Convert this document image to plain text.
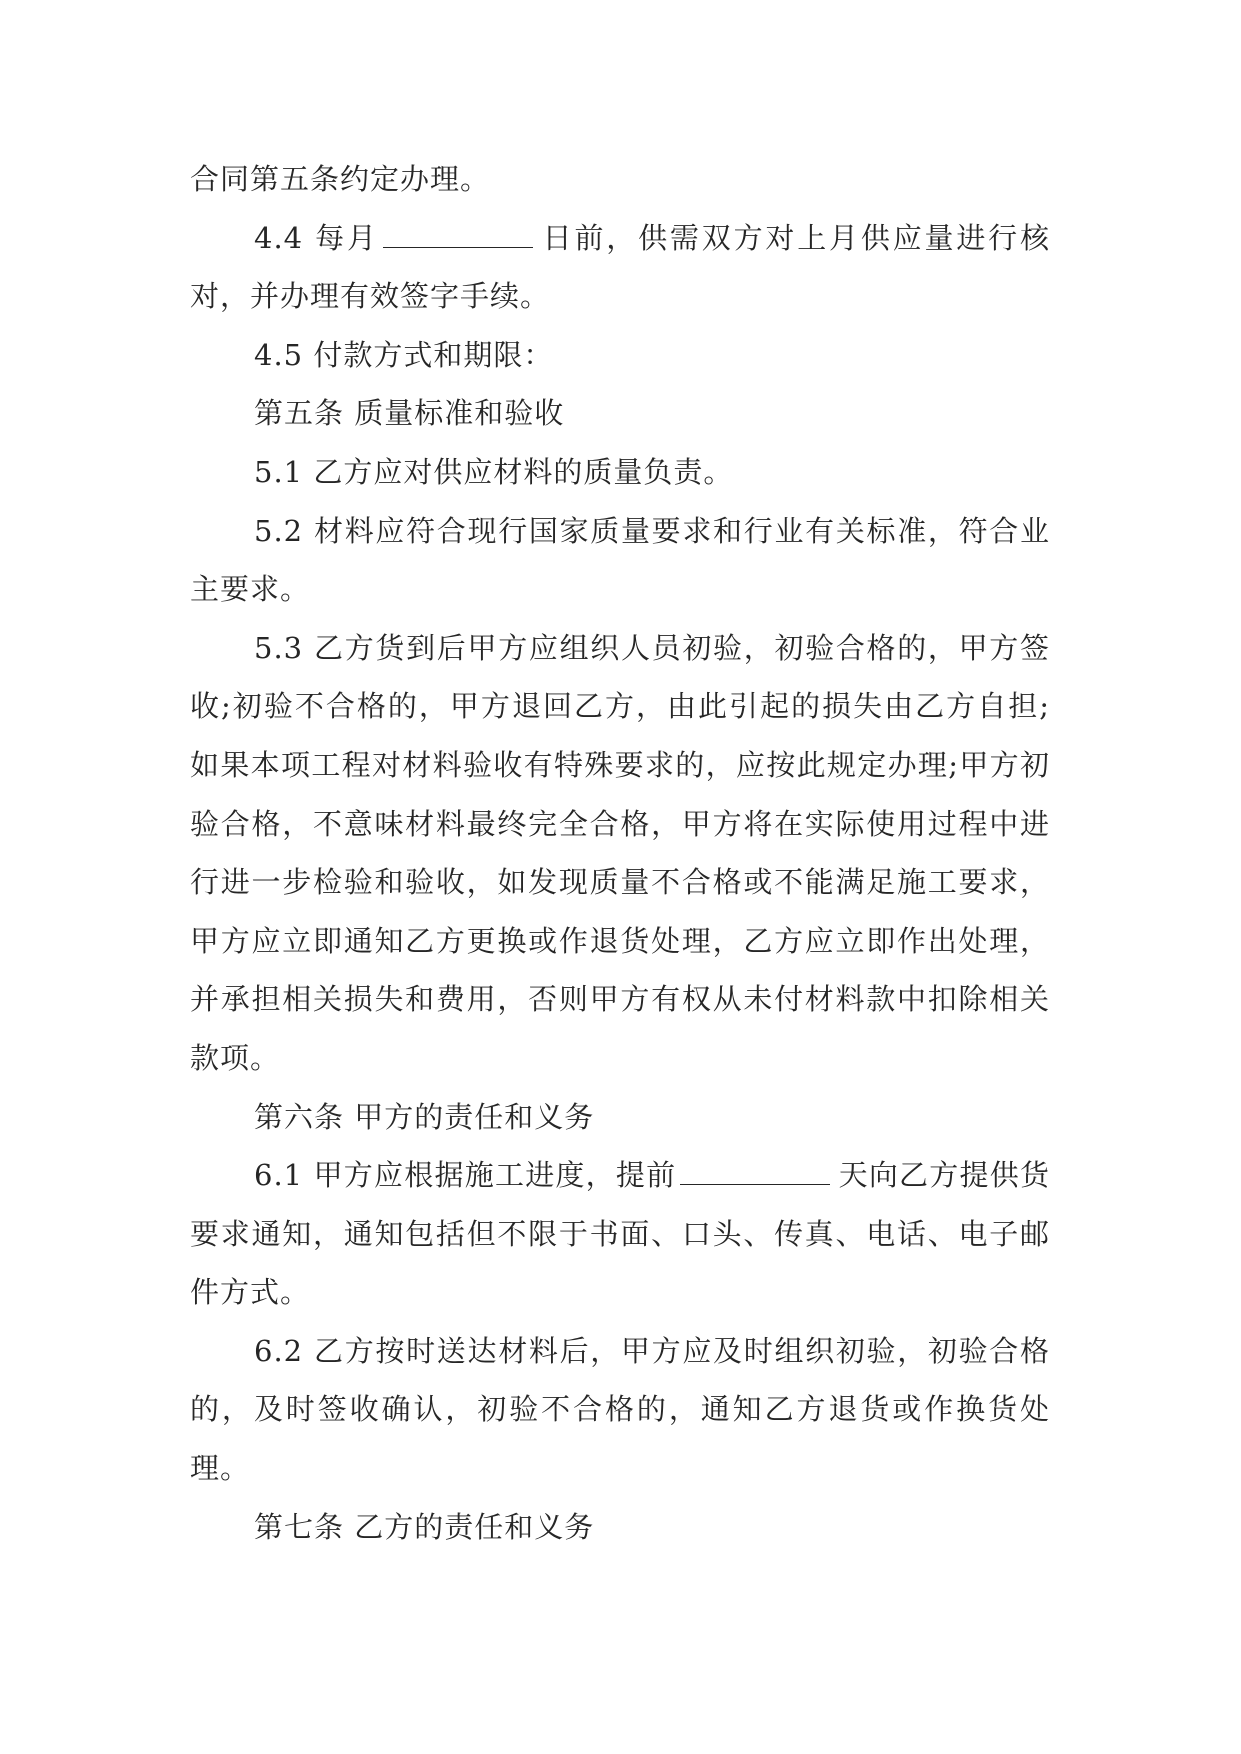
合同第五条约定办理。

4.4 每月	日前，供需双方对上月供应量进行核对，并办理有效签字手续。

4.5 付款方式和期限：

第五条 质量标准和验收

5.1 乙方应对供应材料的质量负责。

5.2 材料应符合现行国家质量要求和行业有关标准，符合业主要求。

5.3 乙方货到后甲方应组织人员初验，初验合格的，甲方签收;初验不合格的，甲方退回乙方，由此引起的损失由乙方自担;如果本项工程对材料验收有特殊要求的，应按此规定办理;甲方初验合格，不意味材料最终完全合格，甲方将在实际使用过程中进行进一步检验和验收，如发现质量不合格或不能满足施工要求，甲方应立即通知乙方更换或作退货处理，乙方应立即作出处理，并承担相关损失和费用，否则甲方有权从未付材料款中扣除相关款项。

第六条 甲方的责任和义务

6.1 甲方应根据施工进度，提前	天向乙方提供货要求通知，通知包括但不限于书面、口头、传真、电话、电子邮件方式。

6.2 乙方按时送达材料后，甲方应及时组织初验，初验合格的，及时签收确认，初验不合格的，通知乙方退货或作换货处理。

第七条 乙方的责任和义务
